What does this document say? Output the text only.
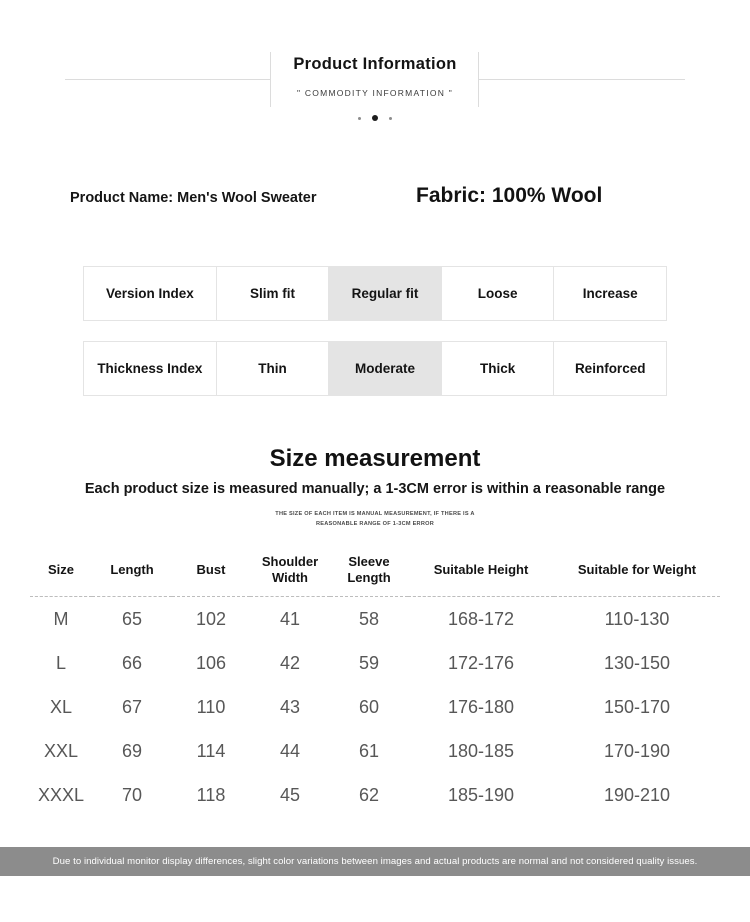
Product Information
" COMMODITY INFORMATION "
Product Name: Men's Wool Sweater	Fabric: 100% Wool
Version Index	Slim fit	Regular fit	Loose	Increase
Thickness Index	Thin	Moderate	Thick	Reinforced
Size measurement
Each product size is measured manually; a 1-3CM error is within a reasonable range
THE SIZE OF EACH ITEM IS MANUAL MEASUREMENT, IF THERE IS A
REASONABLE RANGE OF 1-3CM ERROR
Size	Length	Bust	Shoulder Width	Sleeve Length	Suitable Height	Suitable for Weight
M	65	102	41	58	168-172	110-130
L	66	106	42	59	172-176	130-150
XL	67	110	43	60	176-180	150-170
XXL	69	114	44	61	180-185	170-190
XXXL	70	118	45	62	185-190	190-210
Due to individual monitor display differences, slight color variations between images and actual products are normal and not considered quality issues.
